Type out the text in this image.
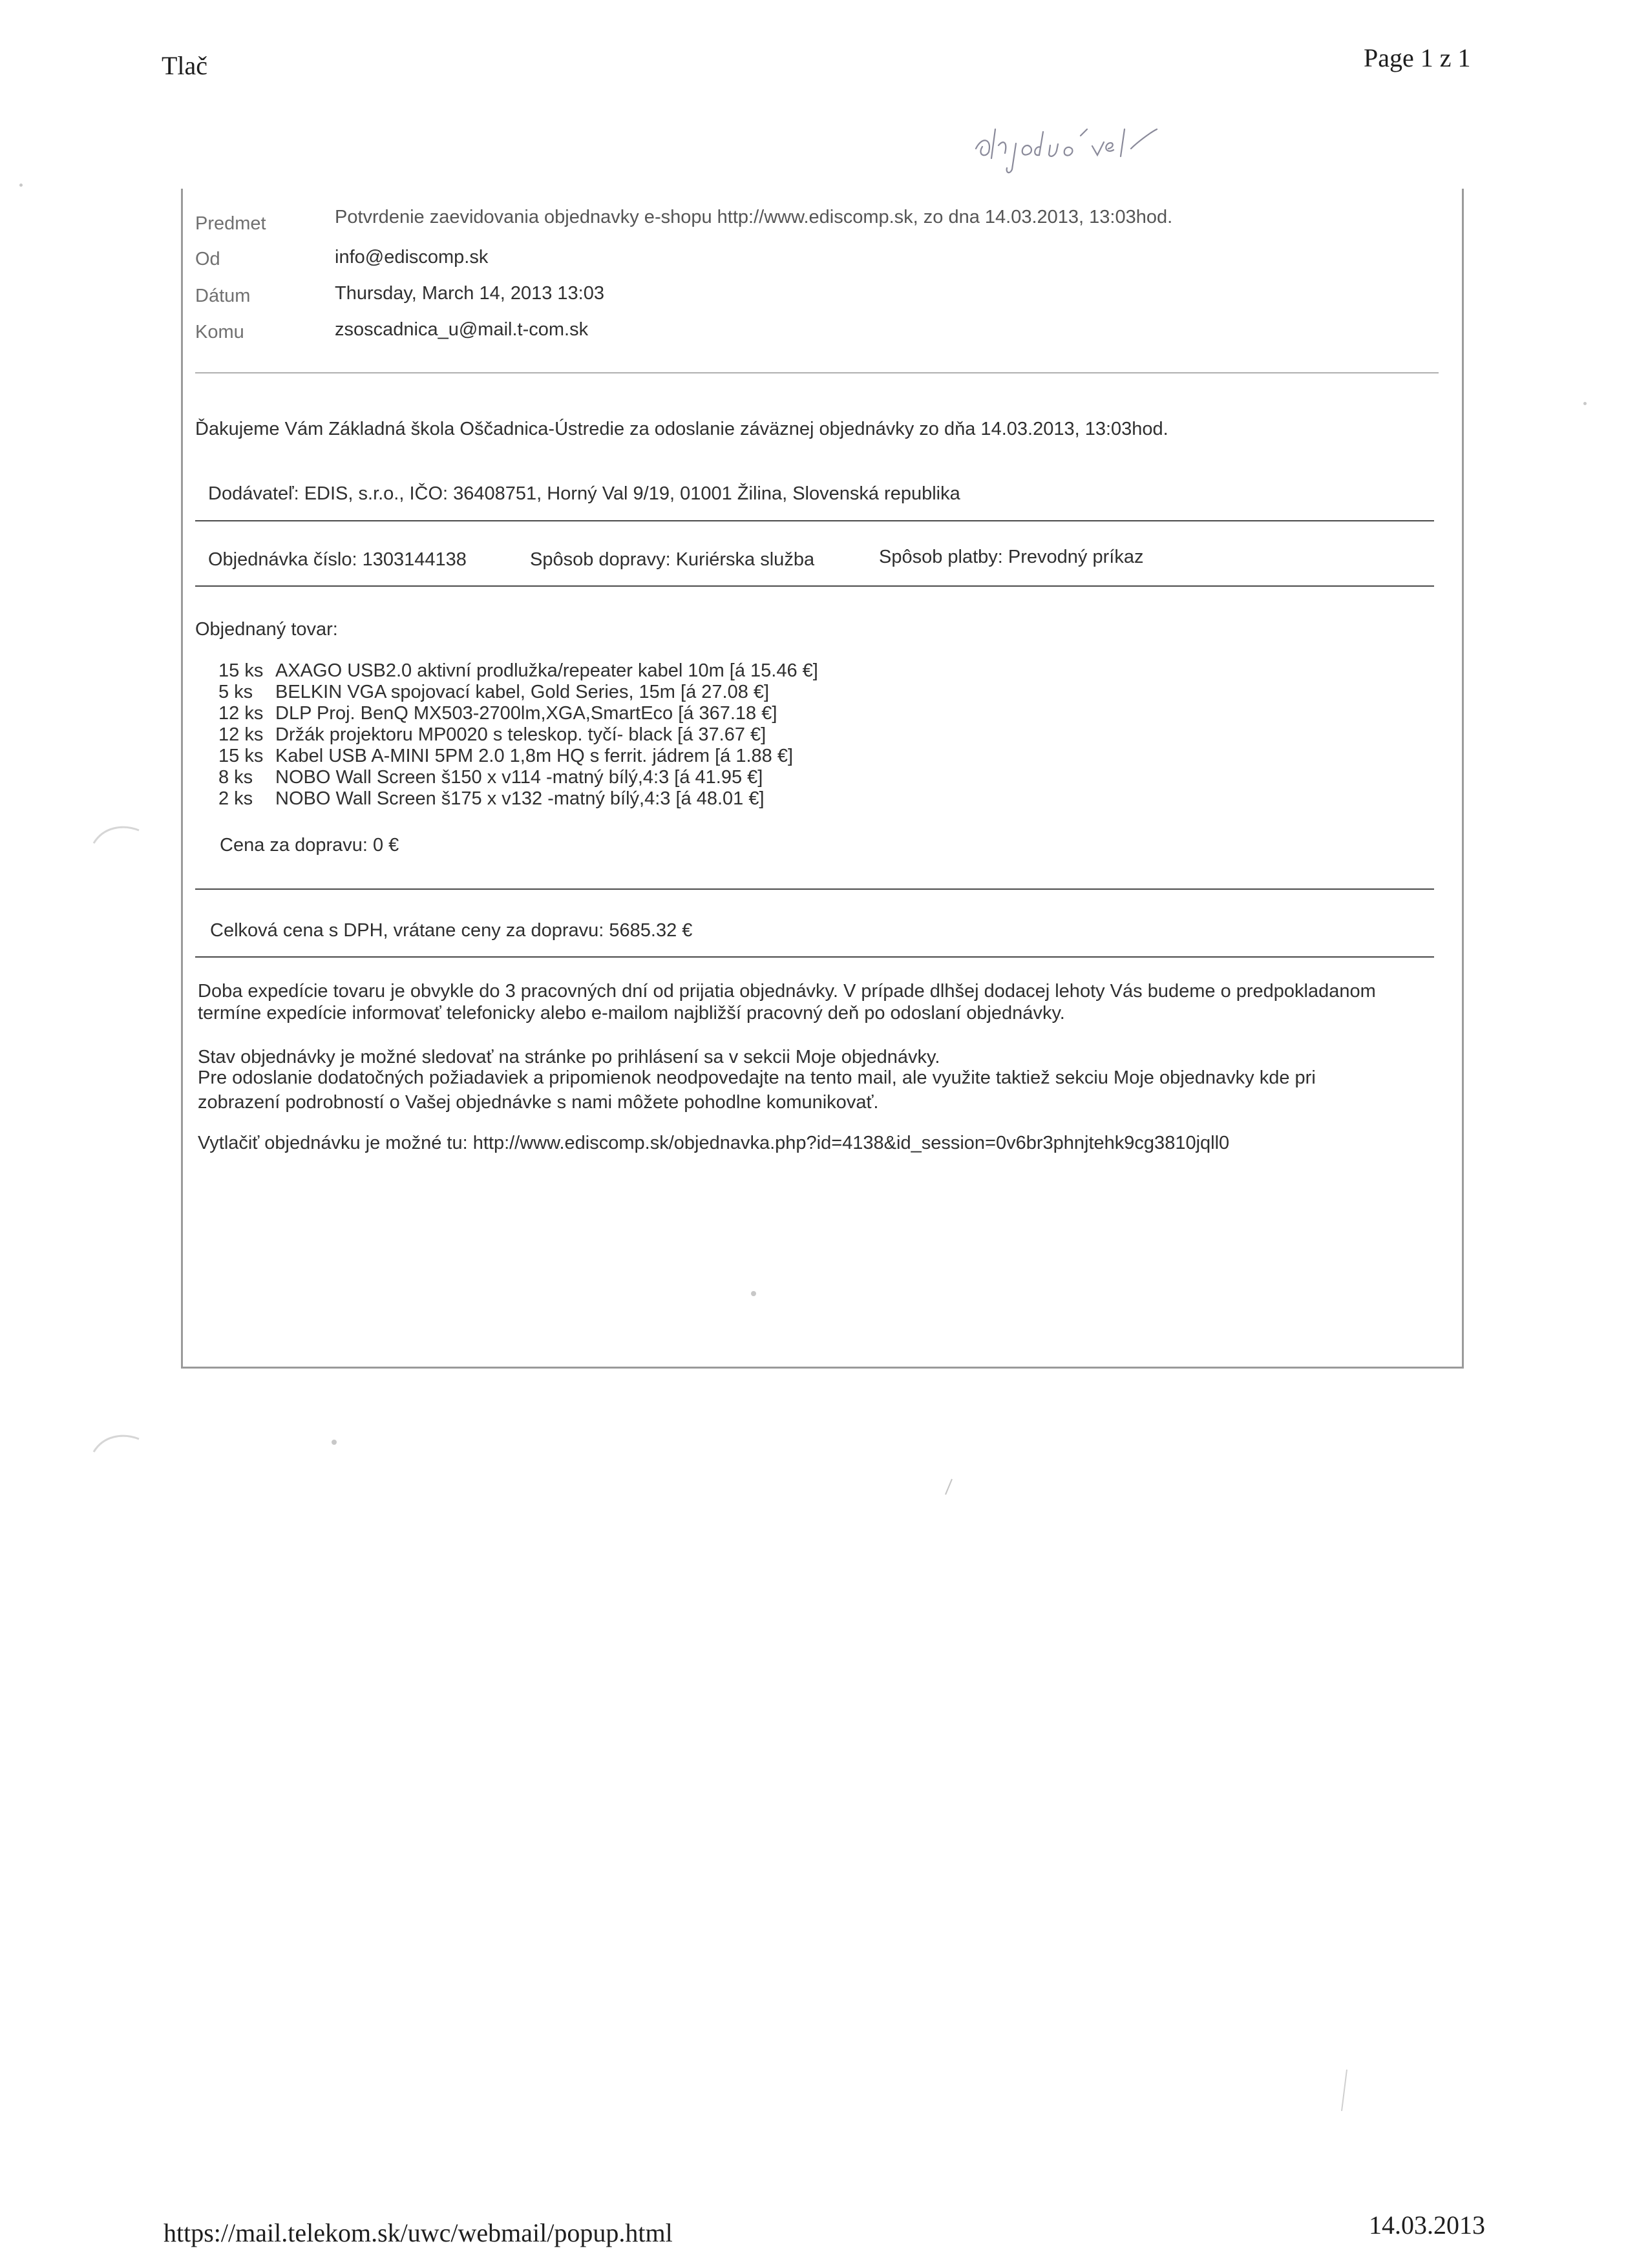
Tlač	Page 1 z 1
Predmet	Potvrdenie zaevidovania objednavky e-shopu http://www.ediscomp.sk, zo dna 14.03.2013, 13:03hod.
Od	info@ediscomp.sk
Dátum	Thursday, March 14, 2013 13:03
Komu	zsoscadnica_u@mail.t-com.sk
Ďakujeme Vám Základná škola Oščadnica-Ústredie za odoslanie záväznej objednávky zo dňa 14.03.2013, 13:03hod.
Dodávateľ: EDIS, s.r.o., IČO: 36408751, Horný Val 9/19, 01001 Žilina, Slovenská republika
Objednávka číslo: 1303144138	Spôsob dopravy: Kuriérska služba	Spôsob platby: Prevodný príkaz
Objednaný tovar:
15 ks AXAGO USB2.0 aktivní prodlužka/repeater kabel 10m [á 15.46 €]
5 ks BELKIN VGA spojovací kabel, Gold Series, 15m [á 27.08 €]
12 ks DLP Proj. BenQ MX503-2700lm,XGA,SmartEco [á 367.18 €]
12 ks Držák projektoru MP0020 s teleskop. tyčí- black [á 37.67 €]
15 ks Kabel USB A-MINI 5PM 2.0 1,8m HQ s ferrit. jádrem [á 1.88 €]
8 ks NOBO Wall Screen š150 x v114 -matný bílý,4:3 [á 41.95 €]
2 ks NOBO Wall Screen š175 x v132 -matný bílý,4:3 [á 48.01 €]
Cena za dopravu: 0 €
Celková cena s DPH, vrátane ceny za dopravu: 5685.32 €
Doba expedície tovaru je obvykle do 3 pracovných dní od prijatia objednávky. V prípade dlhšej dodacej lehoty Vás budeme o predpokladanom
termíne expedície informovať telefonicky alebo e-mailom najbližší pracovný deň po odoslaní objednávky.
Stav objednávky je možné sledovať na stránke po prihlásení sa v sekcii Moje objednávky.
Pre odoslanie dodatočných požiadaviek a pripomienok neodpovedajte na tento mail, ale využite taktiež sekciu Moje objednavky kde pri
zobrazení podrobností o Vašej objednávke s nami môžete pohodlne komunikovať.
Vytlačiť objednávku je možné tu: http://www.ediscomp.sk/objednavka.php?id=4138&id_session=0v6br3phnjtehk9cg3810jqll0
https://mail.telekom.sk/uwc/webmail/popup.html	14.03.2013
